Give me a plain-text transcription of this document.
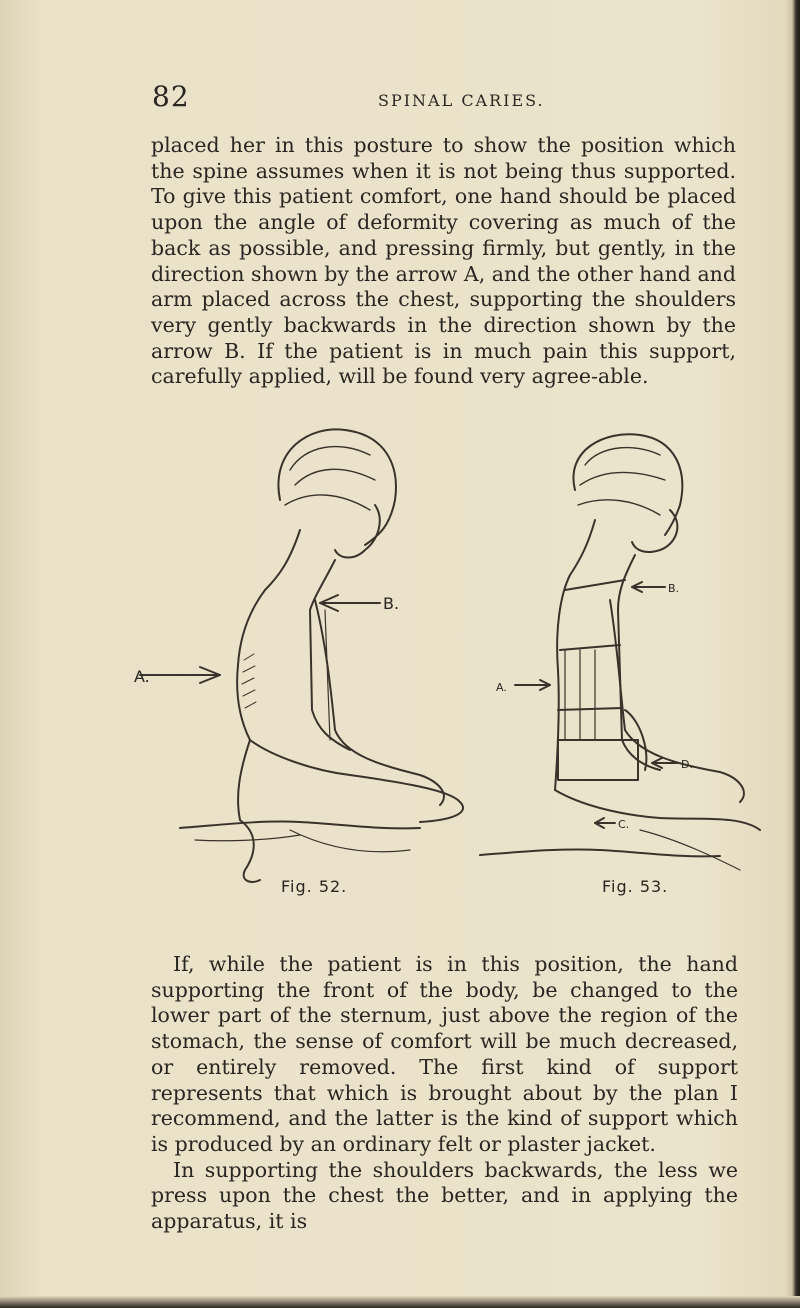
82	SPINAL CARIES.

placed her in this posture to show the position which the spine assumes when it is not being thus supported. To give this patient comfort, one hand should be placed upon the angle of deformity covering as much of the back as possible, and pressing firmly, but gently, in the direction shown by the arrow A, and the other hand and arm placed across the chest, supporting the shoulders very gently backwards in the direction shown by the arrow B. If the patient is in much pain this support, carefully applied, will be found very agree-able.

A.
B.
A.
B.
C.
D.
Fig. 52.	Fig. 53.
If, while the patient is in this position, the hand supporting the front of the body, be changed to the lower part of the sternum, just above the region of the stomach, the sense of comfort will be much decreased, or entirely removed. The first kind of support represents that which is brought about by the plan I recommend, and the latter is the kind of support which is produced by an ordinary felt or plaster jacket.
In supporting the shoulders backwards, the less we press upon the chest the better, and in applying the apparatus, it is
